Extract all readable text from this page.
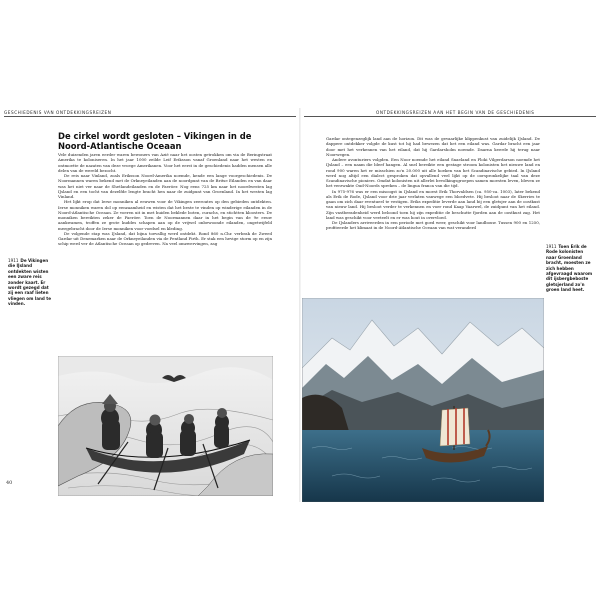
GESCHIEDENIS VAN ONTDEKKINGSREIZEN	ONTDEKKINGSREIZEN AAN HET BEGIN VAN DE GESCHIEDENIS
De cirkel wordt gesloten – Vikingen in de Noord-Atlantische Oceaan

Vele duizenden jaren eerder waren bewoners van Azië naar het oosten getrokken om via de Beringstraat Amerika te koloniseren. In het jaar 1000 zeilde Leif Eriksson vanaf Groenland naar het westen en ontmoette de nazaten van deze vroege Amerikanen. Voor het eerst in de geschiedenis hadden mensen alle delen van de wereld bezocht.

De reis naar Vinland, zoals Eriksson Noord-Amerika noemde, kende een lange voorgeschiedenis. De Noormannen waren bekend met de Orkneyeilanden aan de noordpunt van de Britse Eilanden en van daar was het niet ver naar de Shetlandeilanden en de Faeröer. Nog eens 725 km naar het noordwesten lag IJsland en een tocht van dezelfde lengte bracht hen naar de zuidpunt van Groenland. In het westen lag Vinland.

Het lijkt erop dat Ierse monniken al eeuwen voor de Vikingen zeeroutes op den gebieden ontdekten. Ierse monniken waren dol op eenzaamheid en wisten dat het beste te vinden op winderige eilanden in de Noord-Atlantische Oceaan. Ze voeren uit in met huiden beklede boten, curachs, en stichtten kloosters. De monniken bereikten zeker de Faeröer. Toen de Noormannen daar in het begin van de 9e eeuw aankwamen, troffen ze grote kuddes schapen aan op de vrijwel onbewoonde eilanden, ongetwijfeld meegebracht door de Ierse monniken voor voedsel en kleding.

De volgende stap was IJsland, dat bijna toevallig werd ontdekt. Rond 860 n.Chr. verbrak de Zweed Gardar uit Denemarken naar de Orkneyeilanden via de Pentland Firth. Er stak een hevige storm op en zijn schip werd ver de Atlantische Oceaan op gedreven. Na veel omzwervingen, zag

1911 De Vikingen die IJsland ontdekten wisten een zware reis zonder kaart. Er wordt gezegd dat zij een raaf lieten vliegen om land te vinden.
40

Gardar ontegenzeglijk land aan de horizon. Dit was de gevaarlijke klippenkust van zuidelijk IJsland. De dappere ontdekker volgde de kust tot hij had bewezen dat het een eiland was. Gardar bracht een jaar door met het verkennen van het eiland, dat hij Gardarsholm noemde. Daarna keerde hij terug naar Noorwegen.

Andere avonturiers volgden. Een Noor noemde het eiland Snaeland en Floki Vilgerdarson noemde het IJsland – een naam die bleef hangen. Al snel bereikte een gestage stroom kolonisten het nieuwe land en rond 900 waren het er misschien zo'n 20.000 uit alle hoeken van het Scandinavische gebied. In IJsland werd nog altijd een dialect gesproken dat opvallend veel lijkt op de oorspronkelijke taal van deze Scandinavische pioniers. Omdat kolonisten uit allerlei bevolkingsgroepen samen moesten leven, bleven ze het verzwakte Oud-Noords spreken – de lingua franca van die tijd.

In 975-976 was er een misoogst in IJsland en moest Erik Thorvaldsen (ca. 950-ca. 1003), later bekend als Erik de Rode, IJsland voor drie jaar verlaten vanwege een bloedvete. Hij besloot naar de Skerries te gaan om zich daar eventueel te vestigen. Eriks expeditie leverde aan land bij een gletsjer aan de oostkust van nieuw land. Hij besloot verder te verkennen en voer rond Kaap Vaarwel, de zuidpunt van het eiland. Zijn vastberadenheid werd beloond toen hij zijn expeditie de beschutte fjorden aan de oostkust zag. Het land was geschikt voor veeteelt en er was hout in overvloed.

De IJslanders arriveerden in een periode met goed weer, geschikt voor landbouw. Tussen 900 en 1250, profiteerde het klimaat in de Noord-Atlantische Oceaan van wat veranderd

1911 Toen Erik de Rode kolonisten naar Groenland bracht, moesten ze zich hebben afgevraagd waarom dit ijsbergbeboste gletsjerland zo'n groen land heet.
